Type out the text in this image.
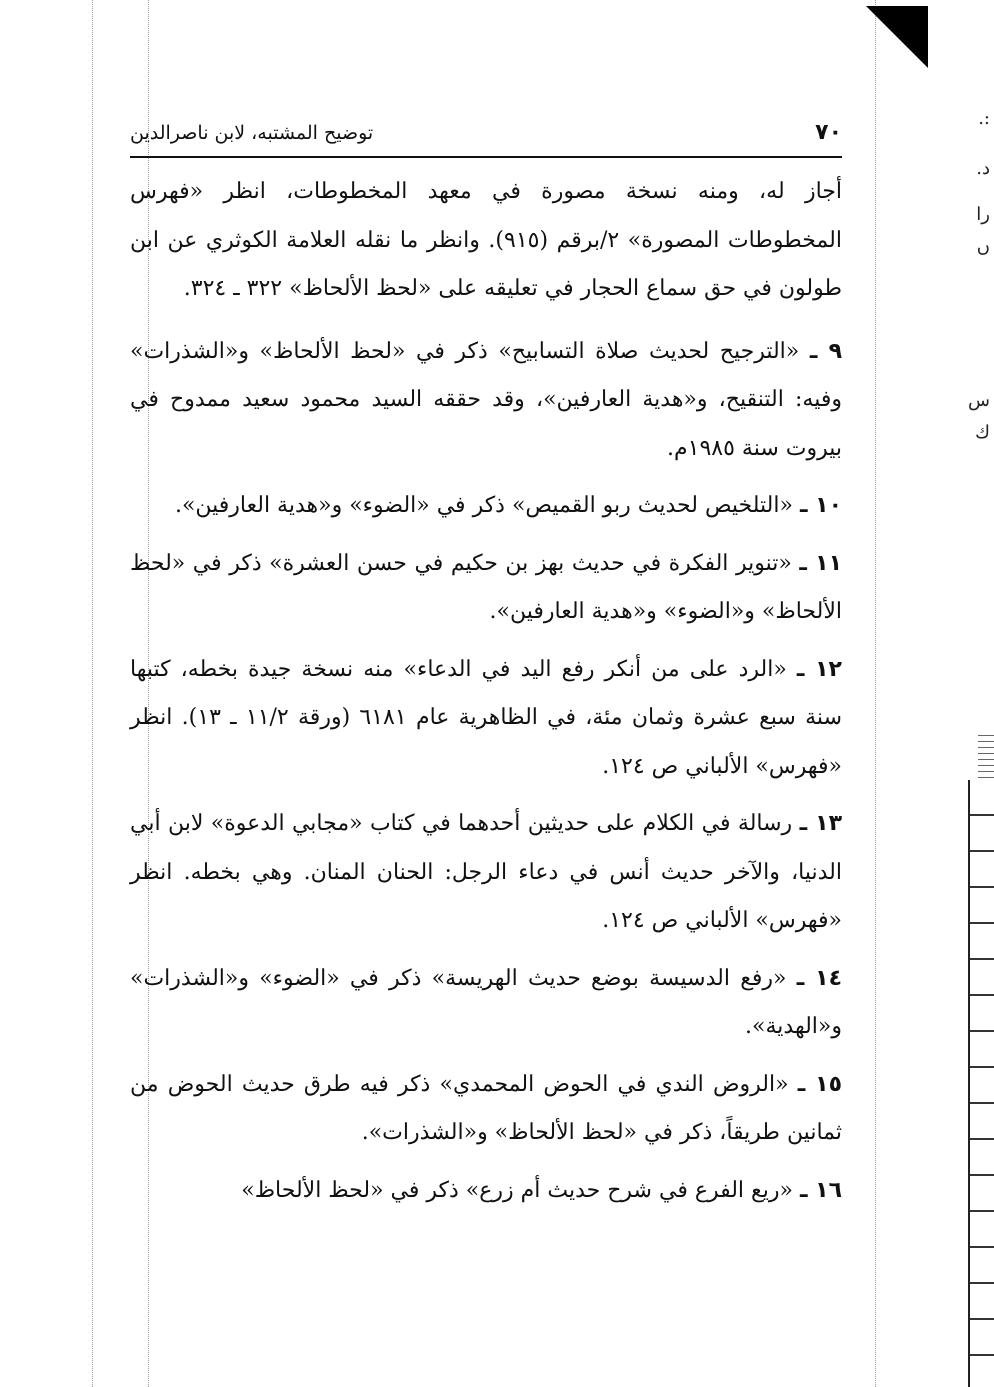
:.
د.
را
ں
س
ك
٧٠
توضيح المشتبه، لابن ناصرالدين

أجاز له، ومنه نسخة مصورة في معهد المخطوطات، انظر «فهرس المخطوطات المصورة» ٢/برقم (٩١٥). وانظر ما نقله العلامة الكوثري عن ابن طولون في حق سماع الحجار في تعليقه على «لحظ الألحاظ» ٣٢٢ ـ ٣٢٤.

٩ ـ «الترجيح لحديث صلاة التسابيح» ذكر في «لحظ الألحاظ» و«الشذرات» وفيه: التنقيح، و«هدية العارفين»، وقد حققه السيد محمود سعيد ممدوح في بيروت سنة ١٩٨٥م.

١٠ ـ «التلخيص لحديث ربو القميص» ذكر في «الضوء» و«هدية العارفين».

١١ ـ «تنوير الفكرة في حديث بهز بن حكيم في حسن العشرة» ذكر في «لحظ الألحاظ» و«الضوء» و«هدية العارفين».

١٢ ـ «الرد على من أنكر رفع اليد في الدعاء» منه نسخة جيدة بخطه، كتبها سنة سبع عشرة وثمان مئة، في الظاهرية عام ٦١٨١ (ورقة ١١/٢ ـ ١٣). انظر «فهرس» الألباني ص ١٢٤.

١٣ ـ رسالة في الكلام على حديثين أحدهما في كتاب «مجابي الدعوة» لابن أبي الدنيا، والآخر حديث أنس في دعاء الرجل: الحنان المنان. وهي بخطه. انظر «فهرس» الألباني ص ١٢٤.

١٤ ـ «رفع الدسيسة بوضع حديث الهريسة» ذكر في «الضوء» و«الشذرات» و«الهدية».

١٥ ـ «الروض الندي في الحوض المحمدي» ذكر فيه طرق حديث الحوض من ثمانين طريقاً، ذكر في «لحظ الألحاظ» و«الشذرات».

١٦ ـ «ريع الفرع في شرح حديث أم زرع» ذكر في «لحظ الألحاظ»
